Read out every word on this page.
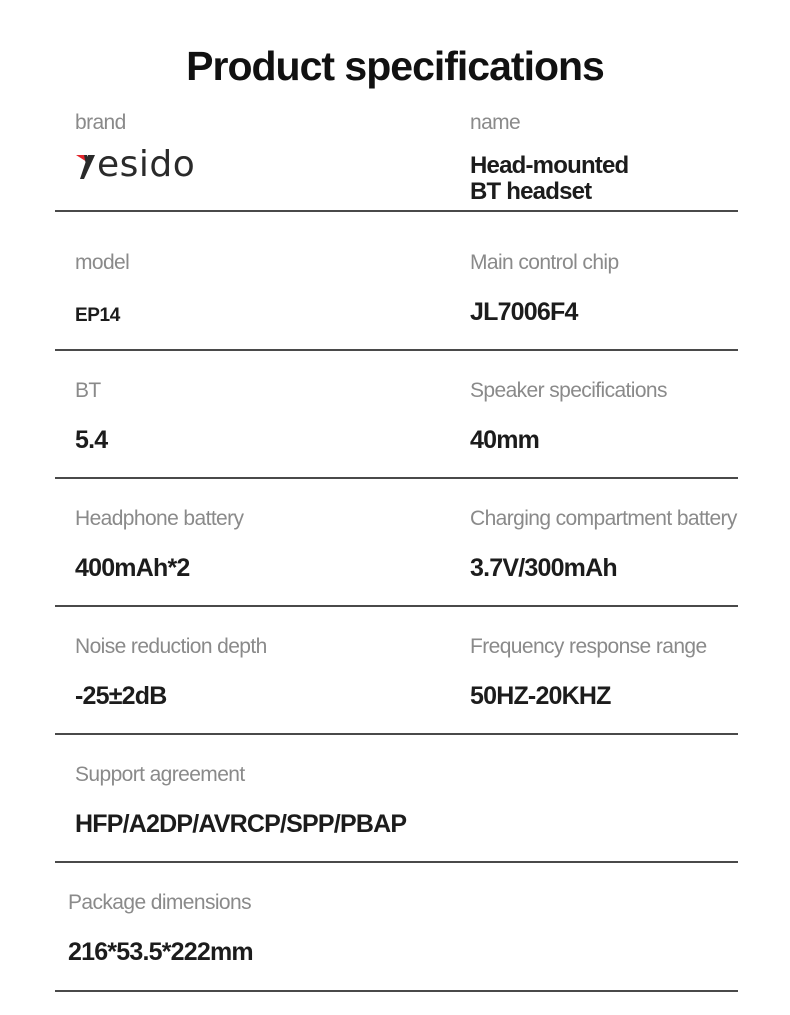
Product specifications
brand
esido
name
Head-mounted
BT headset
model
EP14
Main control chip
JL7006F4
BT
5.4
Speaker specifications
40mm
Headphone battery
400mAh*2
Charging compartment battery
3.7V/300mAh
Noise reduction depth
-25±2dB
Frequency response range
50HZ-20KHZ
Support agreement
HFP/A2DP/AVRCP/SPP/PBAP
Package dimensions
216*53.5*222mm
